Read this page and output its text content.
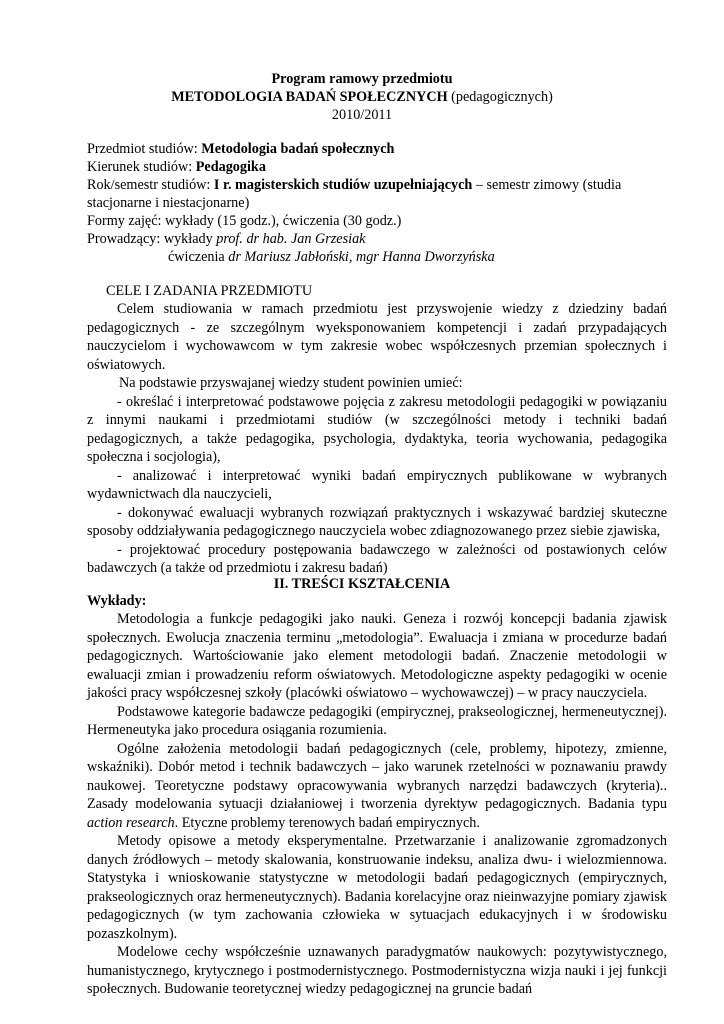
Program ramowy przedmiotu
METODOLOGIA BADAŃ SPOŁECZNYCH (pedagogicznych)
2010/2011
Przedmiot studiów: Metodologia badań społecznych
Kierunek studiów: Pedagogika
Rok/semestr studiów: I r. magisterskich studiów uzupełniających – semestr zimowy (studia
stacjonarne i niestacjonarne)
Formy zajęć: wykłady (15 godz.), ćwiczenia (30 godz.)
Prowadzący: wykłady prof. dr hab. Jan Grzesiak
ćwiczenia dr Mariusz Jabłoński, mgr Hanna Dworzyńska
CELE I ZADANIA PRZEDMIOTU

Celem studiowania w ramach przedmiotu jest przyswojenie wiedzy z dziedziny badań pedagogicznych - ze szczególnym wyeksponowaniem kompetencji i zadań przypadających nauczycielom i wychowawcom w tym zakresie wobec współczesnych przemian społecznych i oświatowych.

Na podstawie przyswajanej wiedzy student powinien umieć:

- określać i interpretować podstawowe pojęcia z zakresu metodologii pedagogiki w powiązaniu z innymi naukami i przedmiotami studiów (w szczególności metody i techniki badań pedagogicznych, a także pedagogika, psychologia, dydaktyka, teoria wychowania, pedagogika społeczna i socjologia),

- analizować i interpretować wyniki badań empirycznych publikowane w wybranych wydawnictwach dla nauczycieli,

- dokonywać ewaluacji wybranych rozwiązań praktycznych i wskazywać bardziej skuteczne sposoby oddziaływania pedagogicznego nauczyciela wobec zdiagnozowanego przez siebie zjawiska,

- projektować procedury postępowania badawczego w zależności od postawionych celów badawczych (a także od przedmiotu i zakresu badań)

II. TREŚCI KSZTAŁCENIA
Wykłady:

Metodologia a funkcje pedagogiki jako nauki. Geneza i rozwój koncepcji badania zjawisk społecznych. Ewolucja znaczenia terminu „metodologia”. Ewaluacja i zmiana w procedurze badań pedagogicznych. Wartościowanie jako element metodologii badań. Znaczenie metodologii w ewaluacji zmian i prowadzeniu reform oświatowych. Metodologiczne aspekty pedagogiki w ocenie jakości pracy współczesnej szkoły (placówki oświatowo – wychowawczej) – w pracy nauczyciela.

Podstawowe kategorie badawcze pedagogiki (empirycznej, prakseologicznej, hermeneutycznej). Hermeneutyka jako procedura osiągania rozumienia.

Ogólne założenia metodologii badań pedagogicznych (cele, problemy, hipotezy, zmienne, wskaźniki). Dobór metod i technik badawczych – jako warunek rzetelności w poznawaniu prawdy naukowej. Teoretyczne podstawy opracowywania wybranych narzędzi badawczych (kryteria).. Zasady modelowania sytuacji działaniowej i tworzenia dyrektyw pedagogicznych. Badania typu action research. Etyczne problemy terenowych badań empirycznych.

Metody opisowe a metody eksperymentalne. Przetwarzanie i analizowanie zgromadzonych danych źródłowych – metody skalowania, konstruowanie indeksu, analiza dwu- i wielozmiennowa. Statystyka i wnioskowanie statystyczne w metodologii badań pedagogicznych (empirycznych, prakseologicznych oraz hermeneutycznych). Badania korelacyjne oraz nieinwazyjne pomiary zjawisk pedagogicznych (w tym zachowania człowieka w sytuacjach edukacyjnych i w środowisku pozaszkolnym).

Modelowe cechy współcześnie uznawanych paradygmatów naukowych: pozytywistycznego, humanistycznego, krytycznego i postmodernistycznego. Postmodernistyczna wizja nauki i jej funkcji społecznych. Budowanie teoretycznej wiedzy pedagogicznej na gruncie badań
